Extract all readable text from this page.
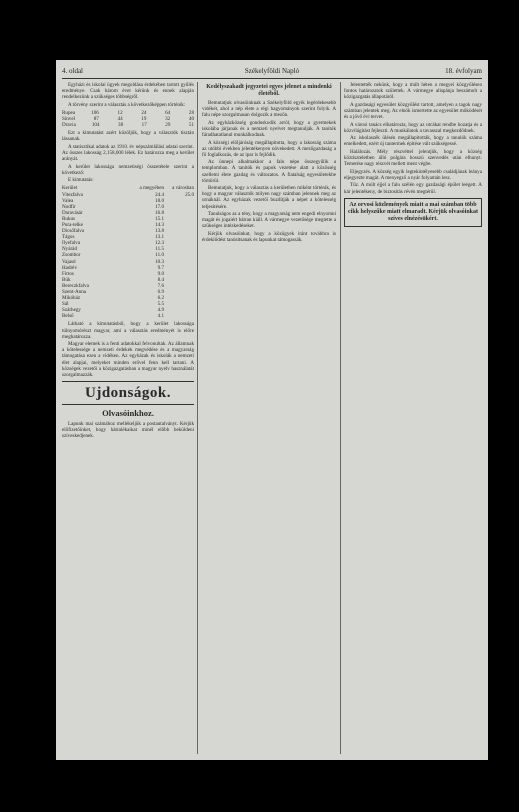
4. oldal	Székelyföldi Napló	18. évfolyam

Egyházi és iskolai ügyek megoldása érdekében tartott gyűlés eredménye. Csak három évet kérünk és ennek alapján rendelkezünk a szükséges többségről.

A törvény szerint a választás a következőképpen történik:

Rupea	106	12	24	64	28
Sinvel	87	44	19	32	40
Dravia	104	38	17	29	51

Ezt a kimutatást azért közöljük, hogy a választók tisztán lássanak.

A statisztikai adatok az 1910. év népszámlálási adatai szerint. Az összes lakosság 2,158,000 lélek. Ez határozza meg a kerület arányát.

A kerület lakossága nemzetiségi összetétele szerint a következő:

E kimutatás:

Kerület	a megyében	a városban
Vitezfalva	24.4	25.0
Valea	18.0
Nodfir	17.0
Daravásár	16.8
Rukus	15.1
Pura-telke	14.3
Dicsőfalva	13.8
Tágos	13.1
Ilyefalva	12.3
Nyárád	11.5
Zsombor	11.0
Vajasd	10.3
Hadrév	9.7
Firtos	9.0
Bük	8.4
Bereczkfalva	7.6
Szent-Anna	6.9
Mikóház	6.2
Sál	5.5
Szárhegy	4.9
Belső	4.1

Látható a kimutatásból, hogy a kerület lakossága túlnyomórészt magyar, ami a választás eredményét is előre meghatározza.

Magyar elemek is a fenti adatokkal felvonultak. Az államnak a kötelessége a nemzeti érdekek megvédése és a magyarság támogatása ezen a vidéken. Az egyházak és iskolák a nemzeti élet alapjai, melyeket minden erővel fenn kell tartani. A községek vezetői a közigazgatásban a magyar nyelv használatát szorgalmazzák.

Ujdonságok.
Olvasóinkhoz.

Lapunk mai számához mellékeljük a postautalványt. Kérjük előfizetőinket, hogy hátralékaikat minél előbb beküldeni szíveskedjenek.

Kedélyszakadt jegyzetei egyes jelenet a mindenki életéből.

Bemutatjuk olvasóinknak a Székelyföld egyik legérdekesebb vidékét, ahol a nép élete a régi hagyományok szerint folyik. A falu népe szorgalmasan dolgozik a mezőn.

Az egyházközség gondoskodik arról, hogy a gyermekek iskolába járjanak és a nemzeti nyelvet megtanulják. A tanítók fáradhatatlanul munkálkodnak.

A községi elöljáróság megállapította, hogy a lakosság száma az utóbbi években jelentékenyen növekedett. A mezőgazdaság a fő foglalkozás, de az ipar is fejlődik.

Az ünnepi alkalmakkor a falu népe összegyűlik a templomban. A tanítók és papok vezetése alatt a közösség szellemi élete gazdag és változatos. A fiatalság egyesületekbe tömörül.

Bemutatjuk, hogy a választás a kerületben miként történik, és hogy a magyar választók milyen nagy számban jelennek meg az urnáknál. Az egyházak vezetői buzdítják a népet a kötelesség teljesítésére.

Tanulságos az a tény, hogy a magyarság nem engedi elnyomni magát és jogaiért bátran kiáll. A vármegye vezetősége megtette a szükséges intézkedéseket.

Kérjük olvasóinkat, hogy a közügyek iránt továbbra is érdeklődést tanúsítsanak és lapunkat támogassák.

Jelentették nekünk, hogy a múlt héten a megyei közgyűlésen fontos határozatok születtek. A vármegye alispánja beszámolt a közigazgatás állapotáról.

A gazdasági egyesület közgyűlést tartott, amelyen a tagok nagy számban jelentek meg. Az elnök ismertette az egyesület működését és a jövő évi tervet.

A városi tanács elhatározta, hogy az utcákat rendbe hozatja és a közvilágítást fejleszti. A munkálatok a tavasszal megkezdődnek.

Az iskolaszék ülésén megállapították, hogy a tanulók száma emelkedett, ezért új tantermek építése vált szükségessé.

Halálozás. Mély részvéttel jelentjük, hogy a község köztiszteletben álló polgára hosszú szenvedés után elhunyt. Temetése nagy részvét mellett ment végbe.

Eljegyzés. A község egyik legtekintélyesebb családjának leánya eljegyezte magát. A menyegző a nyár folyamán lesz.

Tűz. A múlt éjjel a falu szélén egy gazdasági épület leégett. A kár jelentékeny, de biztosítás révén megtérül.

Az orvosi közlemények miatt a mai számban több cikk helyszűke miatt elmaradt. Kérjük olvasóinkat szíves elnézésükért.
